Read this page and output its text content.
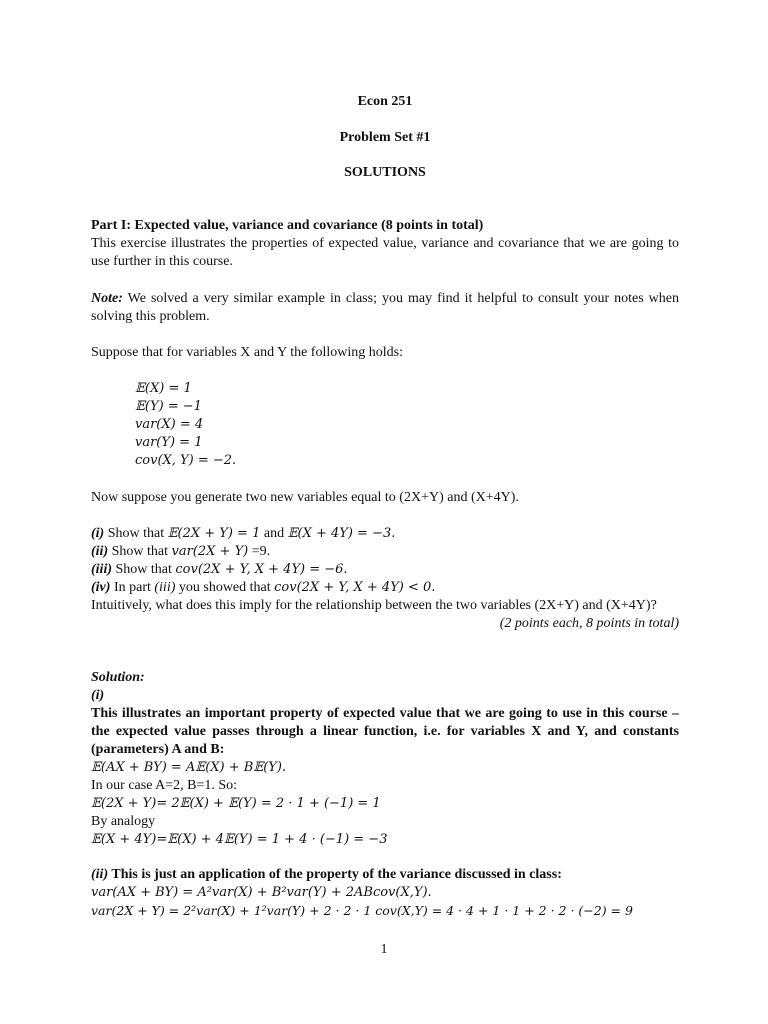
Econ 251
Problem Set #1
SOLUTIONS
Part I: Expected value, variance and covariance (8 points in total)
This exercise illustrates the properties of expected value, variance and covariance that we are going to use further in this course.
Note: We solved a very similar example in class; you may find it helpful to consult your notes when solving this problem.
Suppose that for variables X and Y the following holds:
𝔼(X) = 1
𝔼(Y) = −1
var(X) = 4
var(Y) = 1
cov(X, Y) = −2.
Now suppose you generate two new variables equal to (2X+Y) and (X+4Y).
(i) Show that 𝔼(2X + Y) = 1 and 𝔼(X + 4Y) = −3.
(ii) Show that var(2X + Y) =9.
(iii) Show that cov(2X + Y, X + 4Y) = −6.
(iv) In part (iii) you showed that cov(2X + Y, X + 4Y) < 0.
Intuitively, what does this imply for the relationship between the two variables (2X+Y) and (X+4Y)?
(2 points each, 8 points in total)
Solution:
(i)
This illustrates an important property of expected value that we are going to use in this course – the expected value passes through a linear function, i.e. for variables X and Y, and constants (parameters) A and B:
𝔼(AX + BY) = A𝔼(X) + B𝔼(Y).
In our case A=2, B=1. So:
𝔼(2X + Y)= 2𝔼(X) + 𝔼(Y) = 2 · 1 + (−1) = 1
By analogy
𝔼(X + 4Y)=𝔼(X) + 4𝔼(Y) = 1 + 4 · (−1) = −3
(ii) This is just an application of the property of the variance discussed in class:
var(AX + BY) = A²var(X) + B²var(Y) + 2ABcov(X,Y).
var(2X + Y) = 2²var(X) + 1²var(Y) + 2 · 2 · 1 cov(X,Y) = 4 · 4 + 1 · 1 + 2 · 2 · (−2) = 9
1
